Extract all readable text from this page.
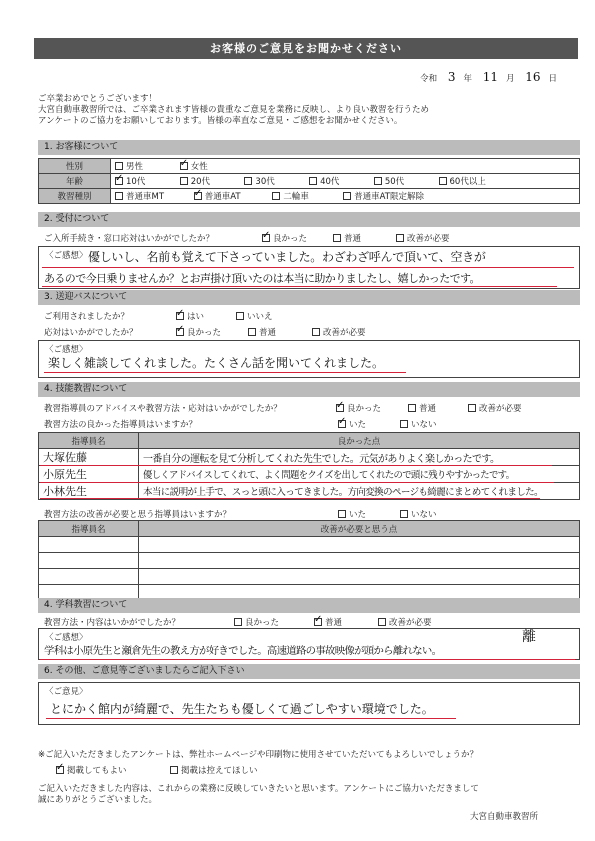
お客様のご意見をお聞かせください
令和 3 年 11 月 16 日
ご卒業おめでとうございます！
大宮自動車教習所では、ご卒業されます皆様の貴重なご意見を業務に反映し、より良い教習を行うため
アンケートのご協力をお願いしております。皆様の率直なご意見・ご感想をお聞かせください。
1. お客様について
性別	男性 ✓ 女性
年齢	✓10代 20代 30代 40代 50代 60代以上
教習種別	普通車MT ✓ 普通車AT 二輪車 普通車AT限定解除
2. 受付について
ご入所手続き・窓口応対はいかがでしたか？ ✓	良かった	普通	改善が必要
〈ご感想〉 優しいし、名前も覚えて下さっていました。わざわざ呼んで頂いて、空きが
あるので今日乗りませんか？とお声掛け頂いたのは本当に助かりましたし、嬉しかったです。
3. 送迎バスについて
ご利用されましたか？ ✓	はい	いいえ
応対はいかがでしたか？ ✓	良かった	普通	改善が必要
〈ご感想〉
楽しく雑談してくれました。たくさん話を聞いてくれました。
4. 技能教習について
教習指導員のアドバイスや教習方法・応対はいかがでしたか？ ✓	良かった	普通	改善が必要
教習方法の良かった指導員はいますか？ ✓	いた	いない
指導員名	良かった点
大塚佐藤	一番自分の運転を見て分析してくれた先生でした。元気がありよく楽しかったです。
小原先生	優しくアドバイスしてくれて、よく問題をクイズを出してくれたので頭に残りやすかったです。
小林先生	本当に説明が上手で、スっと頭に入ってきました。方向変換のページも綺麗にまとめてくれました。
教習方法の改善が必要と思う指導員はいますか？	いた	いない
指導員名	改善が必要と思う点

4. 学科教習について
教習方法・内容はいかがでしたか？	良かった ✓	普通	改善が必要
〈ご感想〉	離
学科は小原先生と瀬倉先生の教え方が好きでした。高速道路の事故映像が頭から離れない。
6. その他、ご意見等ございましたらご記入下さい
〈ご意見〉
とにかく館内が綺麗で、先生たちも優しくて過ごしやすい環境でした。
※ご記入いただきましたアンケートは、弊社ホームページや印刷物に使用させていただいてもよろしいでしょうか？
✓掲載してもよい	掲載は控えてほしい
ご記入いただきました内容は、これからの業務に反映していきたいと思います。アンケートにご協力いただきまして
誠にありがとうございました。
大宮自動車教習所
